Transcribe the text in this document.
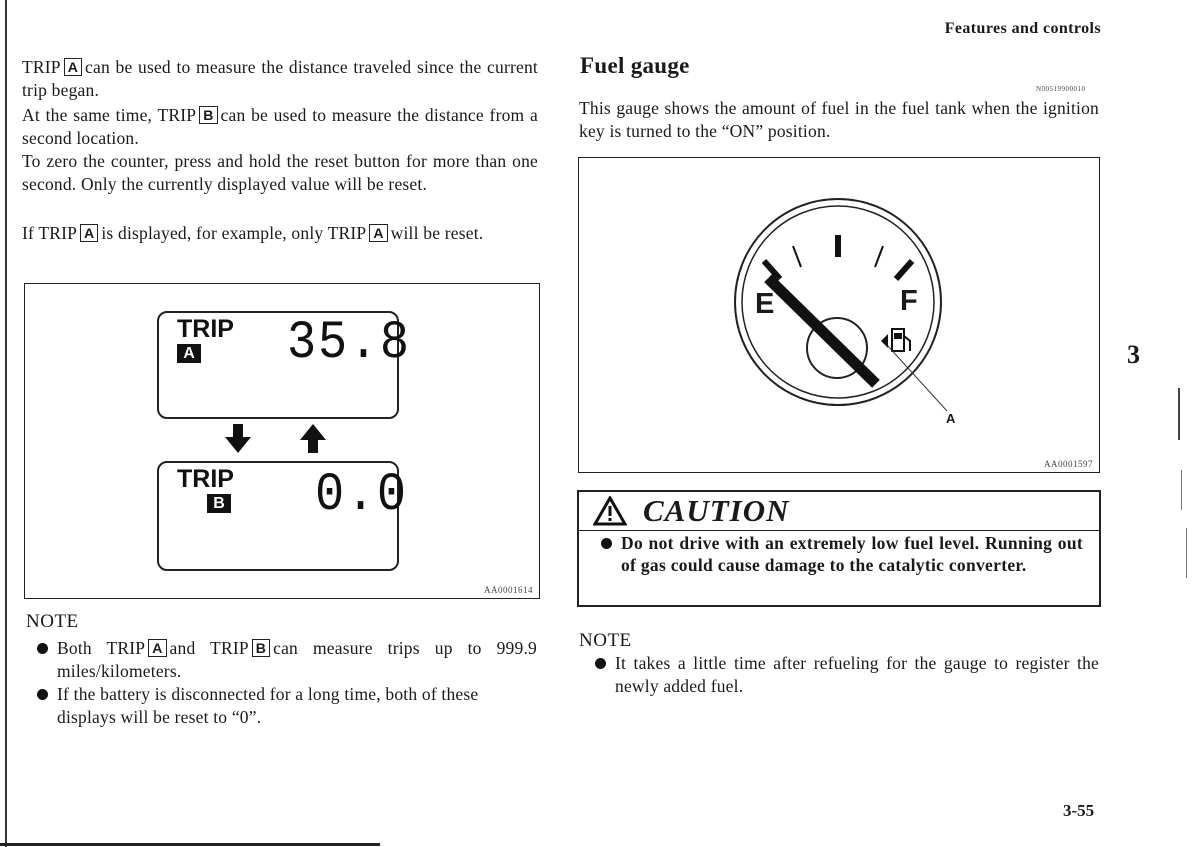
Features and controls
3
3-55
TRIP A can be used to measure the distance traveled since the current trip began.
At the same time, TRIP B can be used to measure the distance from a second location.
To zero the counter, press and hold the reset button for more than one second. Only the currently displayed value will be reset.
If TRIP A is displayed, for example, only TRIP A will be reset.
TRIP
A 35.8
TRIP
B 0.0
AA0001614
NOTE
Both TRIP A and TRIP B can measure trips up to 999.9 miles/kilometers.
If the battery is disconnected for a long time, both of these displays will be reset to “0”.
Fuel gauge
N00519900010
This gauge shows the amount of fuel in the fuel tank when the ignition key is turned to the “ON” position.
E	F
A
AA0001597
CAUTION
Do not drive with an extremely low fuel level. Running out of gas could cause damage to the catalytic converter.
NOTE
It takes a little time after refueling for the gauge to register the newly added fuel.
